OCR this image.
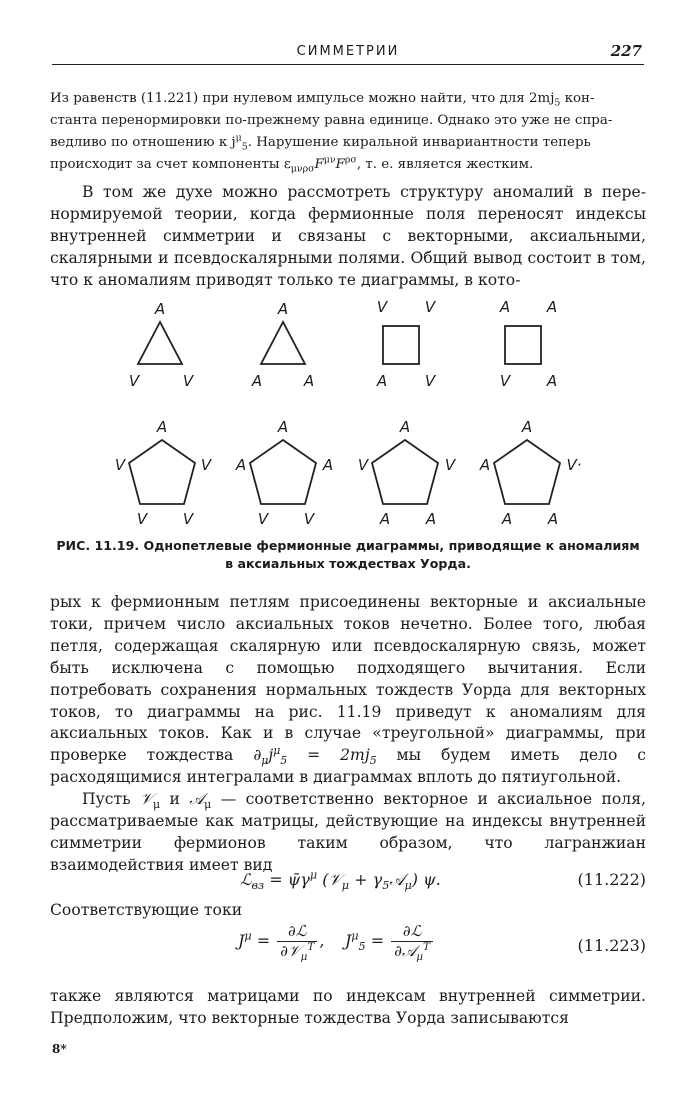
СИММЕТРИИ	227

Из равенств (11.221) при нулевом импульсе можно найти, что для $2mj_5$ кон-

станта перенормировки по-прежнему равна единице. Однако это уже не спра-

ведливо по отношению к $j^\mu_5$. Нарушение киральной инвариантности теперь

происходит за счет компоненты $\varepsilon_{\mu\nu\rho\sigma}F^{\mu\nu}F^{\rho\sigma}$, т. е. является жестким.

В том же духе можно рассмотреть структуру аномалий в пере-нормируемой теории, когда фермионные поля переносят индексы внутренней симметрии и связаны с векторными, аксиальными, скалярными и псевдоскалярными полями. Общий вывод состоит в том, что к аномалиям приводят только те диаграммы, в кото-

A
V	V
A
A	A
V	V
A	V
A	A
V	A
A
V	V
V	V
A
A	A
V	V
A
V	V
A	A
A
A	V·
A	A
РИС. 11.19. Однопетлевые фермионные диаграммы, приводящие к аномалиям
в аксиальных тождествах Уорда.

рых к фермионным петлям присоединены векторные и аксиальные токи, причем число аксиальных токов нечетно. Более того, любая петля, содержащая скалярную или псевдоскалярную связь, может быть исключена с помощью подходящего вычитания. Если потребовать сохранения нормальных тождеств Уорда для векторных токов, то диаграммы на рис. 11.19 приведут к аномалиям для аксиальных токов. Как и в случае «треугольной» диаграммы, при проверке тождества $\partial_\mu j^\mu_5 = 2mj_5$ мы будем иметь дело с расходящимися интегралами в диаграммах вплоть до пятиугольной.

Пусть 𝒱$_\mu$ и 𝒜$_\mu$ — соответственно векторное и аксиальное поля, рассматриваемые как матрицы, действующие на индексы внутренней симметрии фермионов таким образом, что лагранжиан взаимодействия имеет вид

ℒ$_{вз}$ = $\psī\gamma^\mu$ (𝒱$_\mu$ + $\gamma_5𝒜_\mu$) ψ.	(11.222)

Соответствующие токи

$J^\mu = \frac{\text{∂ℒ}}{\partial 𝒱_\mu^T}$ , $J^\mu_5 = \frac{\text{∂ℒ}}{\partial 𝒜_\mu^T}$	(11.223)

также являются матрицами по индексам внутренней симметрии. Предположим, что векторные тождества Уорда записываются

8*
